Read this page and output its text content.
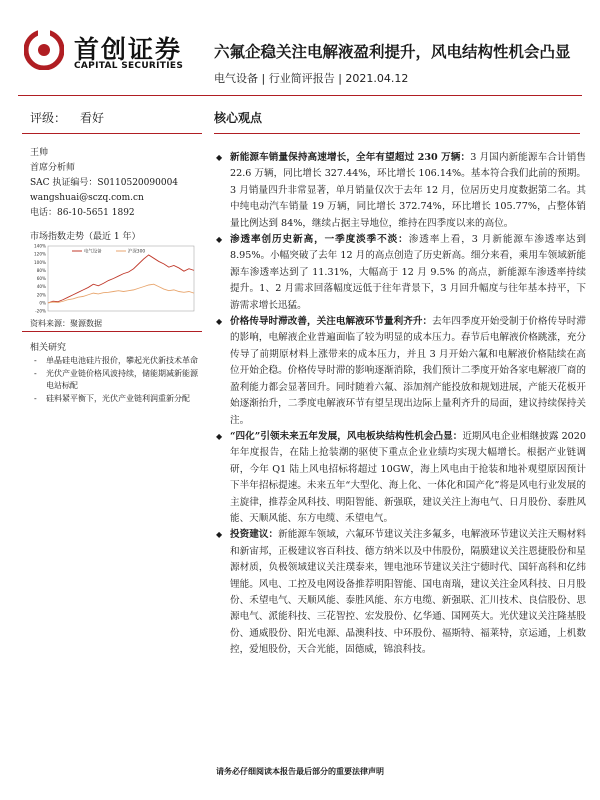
首创证券
CAPITAL SECURITIES
六氟企稳关注电解液盈利提升，风电结构性机会凸显
电气设备 | 行业简评报告 | 2021.04.12
评级： 看好	核心观点
王帅
首席分析师
SAC 执证编号：S0110520090004
wangshuai@sczq.com.cn
电话：86-10-5651 1892
市场指数走势（最近 1 年）
140%
120%
100%
80%
60%
40%
20%
0%
-20%
电气设备	沪深300
资料来源：聚源数据
相关研究
- 单晶硅电池硅片报价，攀起光伏新技术革命
- 光伏产业链价格风波持续，储能期减新能源电站标配
- 硅料紧平衡下，光伏产业链利润重新分配
◆ 新能源车销量保持高速增长，全年有望超过 230 万辆：3 月国内新能源车合计销售 22.6 万辆，同比增长 327.44%，环比增长 106.14%。基本符合我们此前的预期。3 月销量四升非常显著，单月销量仅次于去年 12 月，位居历史月度数据第二名。其中纯电动汽车销量 19 万辆，同比增长 372.74%，环比增长 105.77%，占整体销量比例达到 84%，继续占据主导地位，维持在四季度以来的高位。
◆ 渗透率创历史新高，一季度淡季不淡：渗透率上看，3 月新能源车渗透率达到 8.95%。小幅突破了去年 12 月的高点创造了历史新高。细分来看，乘用车领域新能源车渗透率达到了 11.31%，大幅高于 12 月 9.5% 的高点，新能源车渗透率持续提升。1、2 月需求回落幅度远低于往年背景下，3 月回升幅度与往年基本持平，下游需求增长迅猛。
◆ 价格传导时滞改善，关注电解液环节量利齐升：去年四季度开始受制于价格传导时滞的影响，电解液企业普遍面临了较为明显的成本压力。春节后电解液价格跳涨，充分传导了前期原材料上涨带来的成本压力，并且 3 月开始六氟和电解液价格陆续在高位开始企稳。价格传导时滞的影响逐渐消除，我们预计二季度开始各家电解液厂商的盈利能力都会显著回升。同时随着六氟、添加剂产能投放和规划进展，产能天花板开始逐渐抬升，二季度电解液环节有望呈现出边际上量利齐升的局面，建议持续保持关注。
◆ “四化”引领未来五年发展，风电板块结构性机会凸显：近期风电企业相继披露 2020 年年度报告，在陆上抢装潮的驱使下重点企业业绩均实现大幅增长。根据产业链调研，今年 Q1 陆上风电招标将超过 10GW，海上风电由于抢装和地补观望原因预计下半年招标提速。未来五年“大型化、海上化、一体化和国产化”将是风电行业发展的主旋律，推荐金风科技、明阳智能、新强联，建议关注上海电气、日月股份、泰胜风能、天顺风能、东方电缆、禾望电气。
◆ 投资建议：新能源车领域，六氟环节建议关注多氟多，电解液环节建议关注天赐材料和新宙邦，正极建议容百科技、德方纳米以及中伟股份，隔膜建议关注恩捷股份和星源材质，负极领域建议关注璞泰来，锂电池环节建议关注宁德时代、国轩高科和亿纬锂能。风电、工控及电网设备推荐明阳智能、国电南瑞，建议关注金风科技、日月股份、禾望电气、天顺风能、泰胜风能、东方电缆、新强联、汇川技术、良信股份、思源电气、派能科技、三花智控、宏发股份、亿华通、国网英大。光伏建议关注隆基股份、通威股份、阳光电源、晶澳科技、中环股份、福斯特、福莱特，京运通，上机数控，爱旭股份，天合光能，固德威，锦浪科技。
请务必仔细阅读本报告最后部分的重要法律声明
